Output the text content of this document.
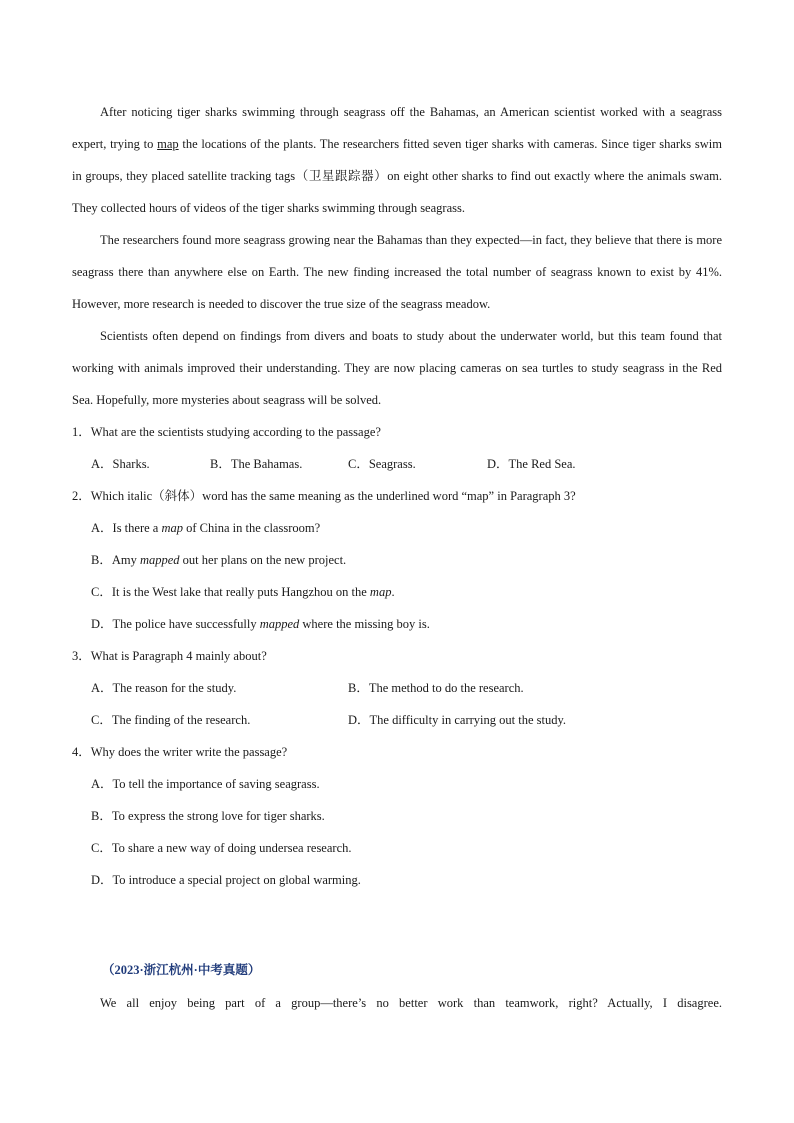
After noticing tiger sharks swimming through seagrass off the Bahamas, an American scientist worked with a seagrass expert, trying to map the locations of the plants. The researchers fitted seven tiger sharks with cameras. Since tiger sharks swim in groups, they placed satellite tracking tags（卫星跟踪器）on eight other sharks to find out exactly where the animals swam. They collected hours of videos of the tiger sharks swimming through seagrass.

The researchers found more seagrass growing near the Bahamas than they expected—in fact, they believe that there is more seagrass there than anywhere else on Earth. The new finding increased the total number of seagrass known to exist by 41%. However, more research is needed to discover the true size of the seagrass meadow.

Scientists often depend on findings from divers and boats to study about the underwater world, but this team found that working with animals improved their understanding. They are now placing cameras on sea turtles to study seagrass in the Red Sea. Hopefully, more mysteries about seagrass will be solved.

1．What are the scientists studying according to the passage?

A．Sharks.	B．The Bahamas.	C．Seagrass.	D．The Red Sea.

2．Which italic（斜体）word has the same meaning as the underlined word “map” in Paragraph 3?

A．Is there a map of China in the classroom?

B．Amy mapped out her plans on the new project.

C．It is the West lake that really puts Hangzhou on the map.

D．The police have successfully mapped where the missing boy is.

3．What is Paragraph 4 mainly about?

A．The reason for the study.	B．The method to do the research.
C．The finding of the research.	D．The difficulty in carrying out the study.

4．Why does the writer write the passage?

A．To tell the importance of saving seagrass.

B．To express the strong love for tiger sharks.

C．To share a new way of doing undersea research.

D．To introduce a special project on global warming.

（2023·浙江杭州·中考真题）

We all enjoy being part of a group—there’s no better work than teamwork, right? Actually, I disagree.
